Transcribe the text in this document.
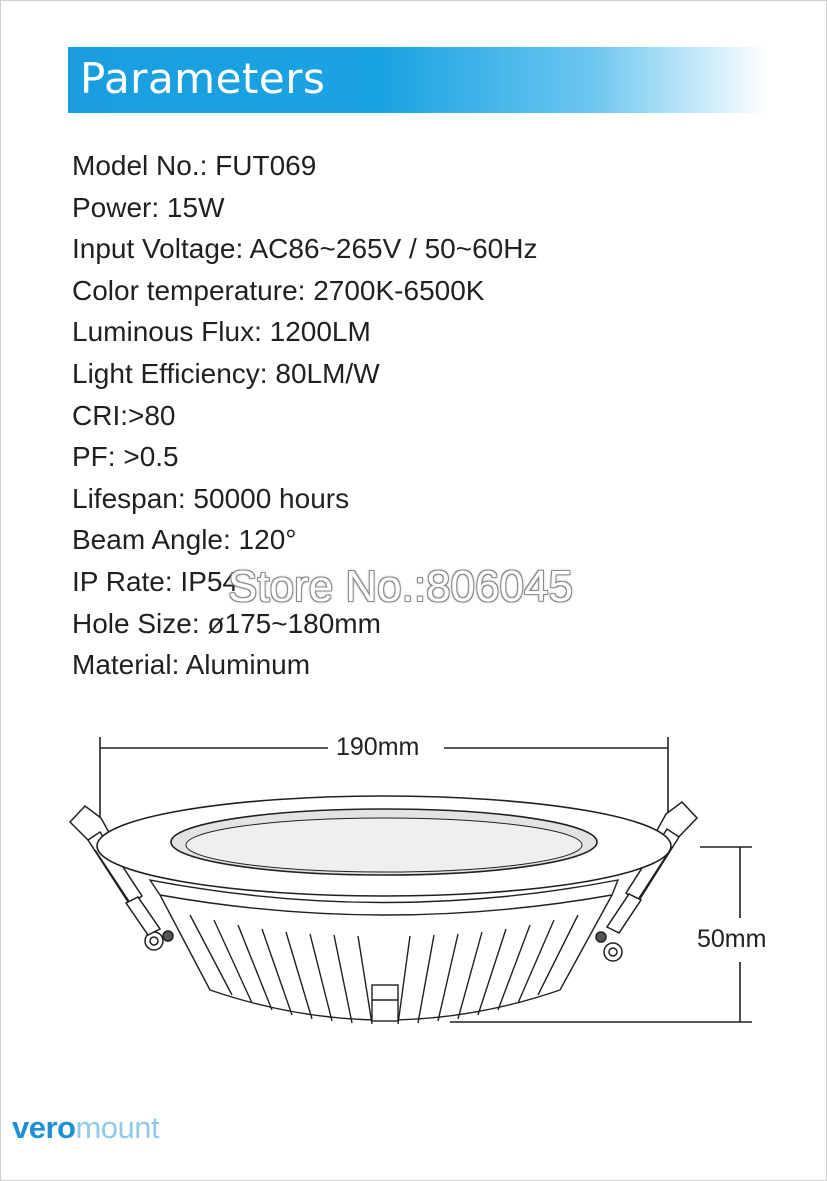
Parameters
Model No.: FUT069
Power: 15W
Input Voltage: AC86~265V / 50~60Hz
Color temperature: 2700K-6500K
Luminous Flux: 1200LM
Light Efficiency: 80LM/W
CRI:>80
PF: >0.5
Lifespan: 50000 hours
Beam Angle: 120°
IP Rate: IP54
Hole Size: ø175~180mm
Material: Aluminum
Store No.:806045
190mm
50mm
veromount
